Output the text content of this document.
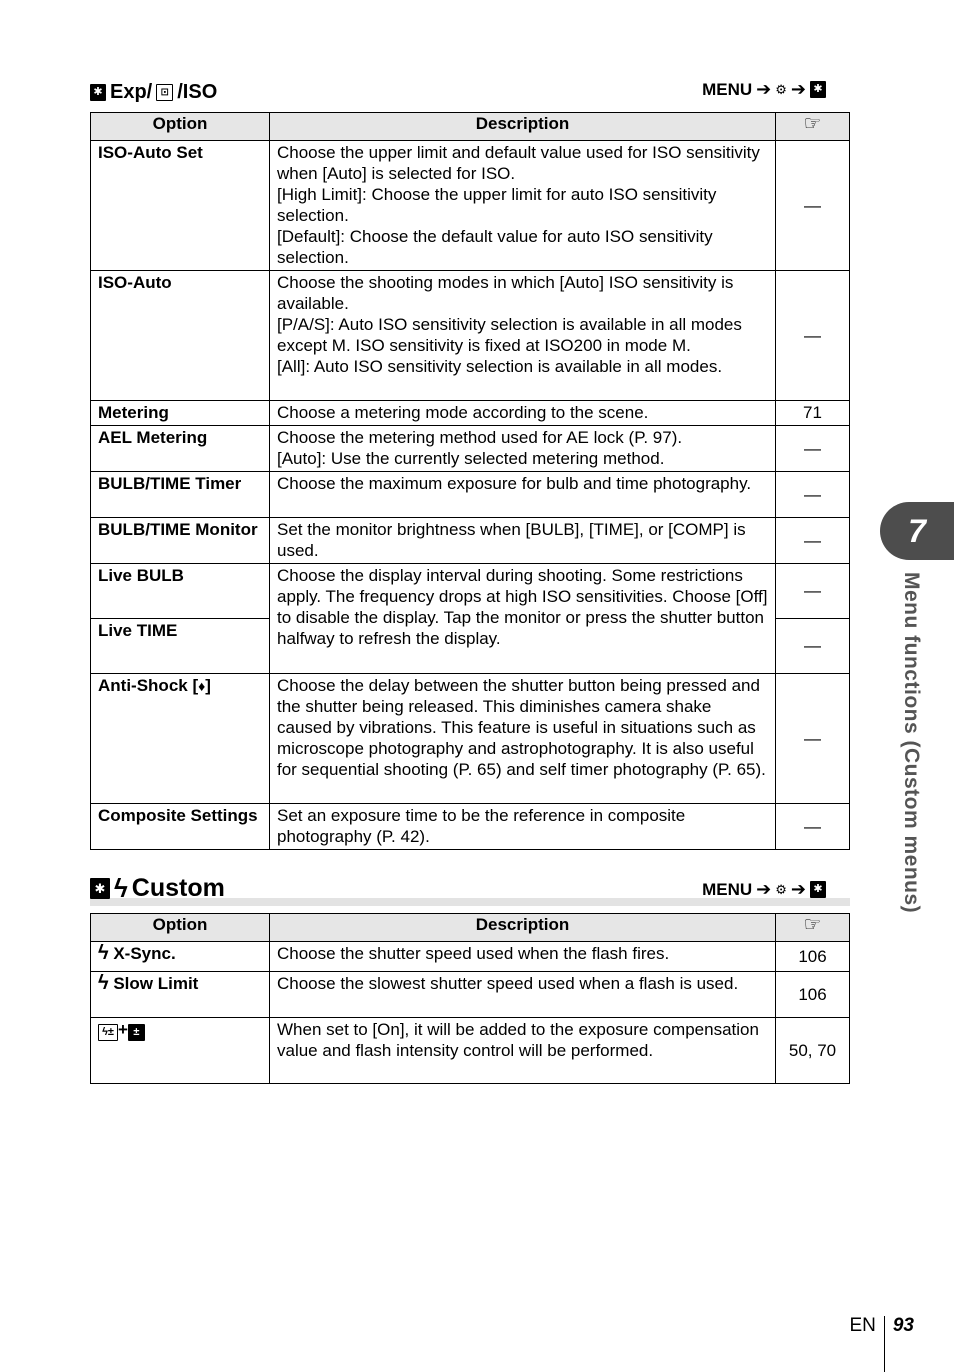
✱ Exp/ ⊡ /ISO	MENU ➔ ⚙ ➔ ✱
Option	Description	☞
ISO-Auto Set	Choose the upper limit and default value used for ISO sensitivity when [Auto] is selected for ISO.
[High Limit]: Choose the upper limit for auto ISO sensitivity selection.
[Default]: Choose the default value for auto ISO sensitivity selection.	—
ISO-Auto	Choose the shooting modes in which [Auto] ISO sensitivity is available.
[P/A/S]: Auto ISO sensitivity selection is available in all modes except M. ISO sensitivity is fixed at ISO200 in mode M.
[All]: Auto ISO sensitivity selection is available in all modes.	—
Metering	Choose a metering mode according to the scene.	71
AEL Metering	Choose the metering method used for AE lock (P. 97).
[Auto]: Use the currently selected metering method.	—
BULB/TIME Timer	Choose the maximum exposure for bulb and time photography.	—
BULB/TIME Monitor	Set the monitor brightness when [BULB], [TIME], or [COMP] is used.	—
Live BULB	Choose the display interval during shooting. Some restrictions apply. The frequency drops at high ISO sensitivities. Choose [Off] to disable the display. Tap the monitor or press the shutter button halfway to refresh the display.	—
Live TIME		—
Anti-Shock [♦]	Choose the delay between the shutter button being pressed and the shutter being released. This diminishes camera shake caused by vibrations. This feature is useful in situations such as microscope photography and astrophotography. It is also useful for sequential shooting (P. 65) and self timer photography (P. 65).	—
Composite Settings	Set an exposure time to be the reference in composite photography (P. 42).	—
✱ ϟ Custom	MENU ➔ ⚙ ➔ ✱
Option	Description	☞
ϟ X-Sync.	Choose the shutter speed used when the flash fires.	106
ϟ Slow Limit	Choose the slowest shutter speed used when a flash is used.	106
ϟ± + ±	When set to [On], it will be added to the exposure compensation value and flash intensity control will be performed.	50, 70
7
Menu functions (Custom menus)
EN 93
